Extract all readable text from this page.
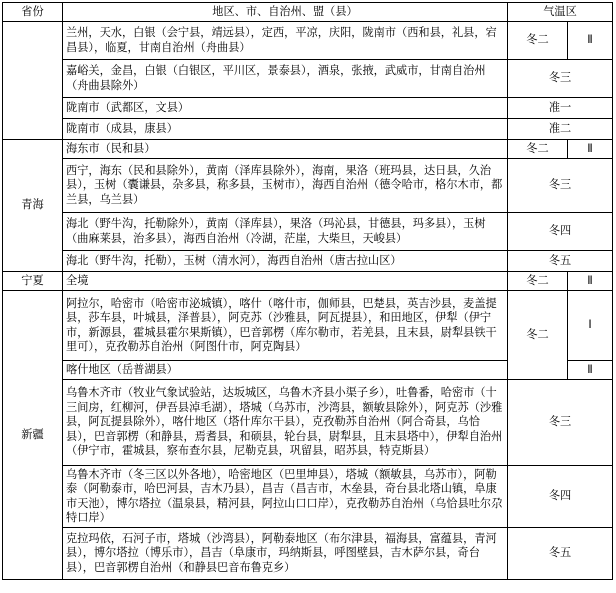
省份	地区、市、自治州、盟（县）	气温区	
	兰州，天水，白银（会宁县，靖远县），定西，平凉，庆阳，陇南市（西和县，礼县，宕昌县），临夏，甘南自治州（舟曲县）	冬二	Ⅱ
	嘉峪关，金昌，白银（白银区，平川区，景泰县），酒泉，张掖，武威市，甘南自治州（舟曲县除外）	冬三	
	陇南市（武都区，文县）	准一	
	陇南市（成县，康县）	准二	
青海	海东市（民和县）	冬二	Ⅱ
	西宁，海东（民和县除外），黄南（泽库县除外），海南，果洛（班玛县，达日县，久治县），玉树（囊谦县，杂多县，称多县，玉树市），海西自治州（德令哈市，格尔木市，都兰县，乌兰县）	冬三	
	海北（野牛沟，托勒除外），黄南（泽库县），果洛（玛沁县，甘德县，玛多县），玉树（曲麻莱县，治多县），海西自治州（冷湖，茫崖，大柴旦，天峻县）	冬四	
	海北（野牛沟，托勒），玉树（清水河），海西自治州（唐古拉山区）	冬五	
宁夏	全境	冬二	Ⅱ
新疆	阿拉尔，哈密市（哈密市泌城镇），喀什（喀什市，伽师县，巴楚县，英吉沙县，麦盖提县，莎车县，叶城县，泽普县），阿克苏（沙雅县，阿瓦提县），和田地区，伊犁（伊宁市，新源县，霍城县霍尔果斯镇），巴音郭楞（库尔勒市，若羌县，且末县，尉犁县铁干里可），克孜勒苏自治州（阿图什市，阿克陶县）	冬二	Ⅰ
	喀什地区（岳普湖县）		Ⅱ
	乌鲁木齐市（牧业气象试验站，达坂城区，乌鲁木齐县小渠子乡），吐鲁番，哈密市（十三间房，红柳河，伊吾县淖毛湖），塔城（乌苏市，沙湾县，额敏县除外），阿克苏（沙雅县，阿瓦提县除外），喀什地区（塔什库尔干县），克孜勒苏自治州（阿合奇县，乌恰县），巴音郭楞（和静县，焉耆县，和硕县，轮台县，尉犁县，且末县塔中），伊犁自治州（伊宁市，霍城县，察布查尔县，尼勒克县，巩留县，昭苏县，特克斯县）	冬三	
	乌鲁木齐市（冬三区以外各地），哈密地区（巴里坤县），塔城（额敏县，乌苏市），阿勒泰（阿勒泰市，哈巴河县，吉木乃县），昌吉（昌吉市，木垒县，奇台县北塔山镇，阜康市天池），博尔塔拉（温泉县，精河县，阿拉山口口岸），克孜勒苏自治州（乌恰县吐尔尕特口岸）	冬四	
	克拉玛依，石河子市，塔城（沙湾县），阿勒泰地区（布尔津县，福海县，富蕴县，青河县），博尔塔拉（博乐市），昌吉（阜康市，玛纳斯县，呼图壁县，吉木萨尔县，奇台县），巴音郭楞自治州（和静县巴音布鲁克乡）	冬五	
